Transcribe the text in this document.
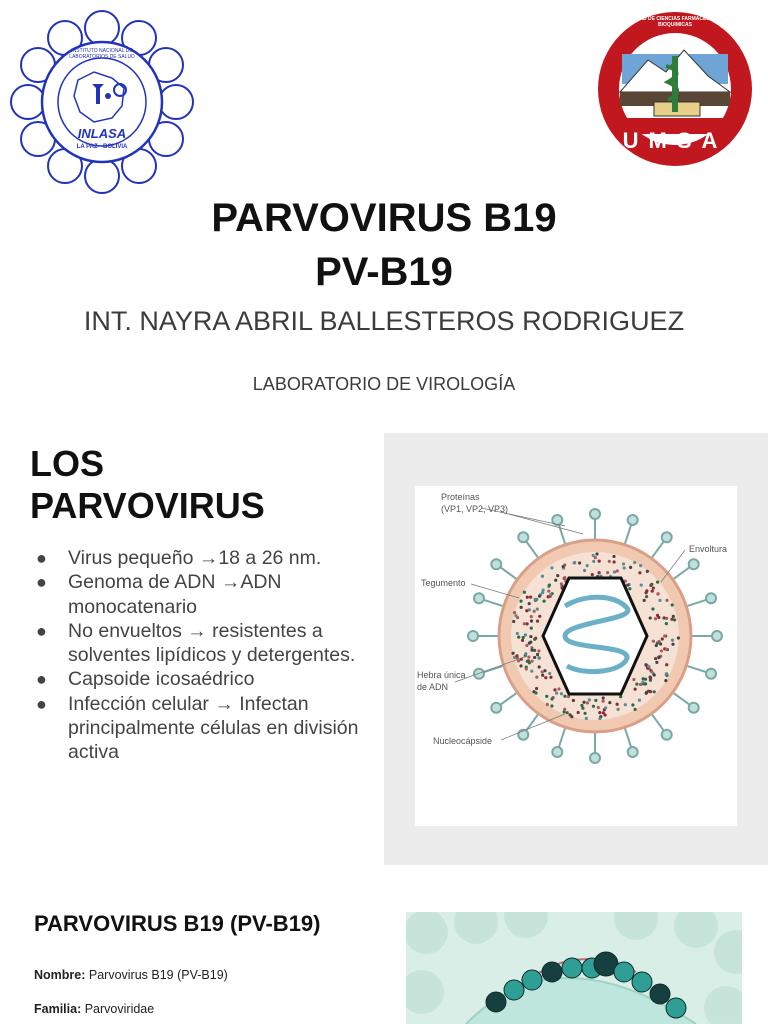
INSTITUTO NACIONAL DE LABORATORIOS DE SALUD
INLASA
LA PAZ - BOLIVIA
FACULTAD DE CIENCIAS FARMACEUTICAS Y BIOQUIMICAS
UMSA
PARVOVIRUS B19
PV-B19
INT. NAYRA ABRIL BALLESTEROS RODRIGUEZ
LABORATORIO DE VIROLOGÍA
LOS
PARVOVIRUS
● Virus pequeño →18 a 26 nm.
● Genoma de ADN →ADN monocatenario
● No envueltos → resistentes a solventes lipídicos y detergentes.
● Capsoide icosaédrico
● Infección celular → Infectan principalmente células en división activa
Proteínas
(VP1, VP2, VP3)
Envoltura
Tegumento
Hebra única
de ADN
Nucleocápside
PARVOVIRUS B19 (PV-B19)
Nombre: Parvovirus B19 (PV-B19)
Familia: Parvoviridae
